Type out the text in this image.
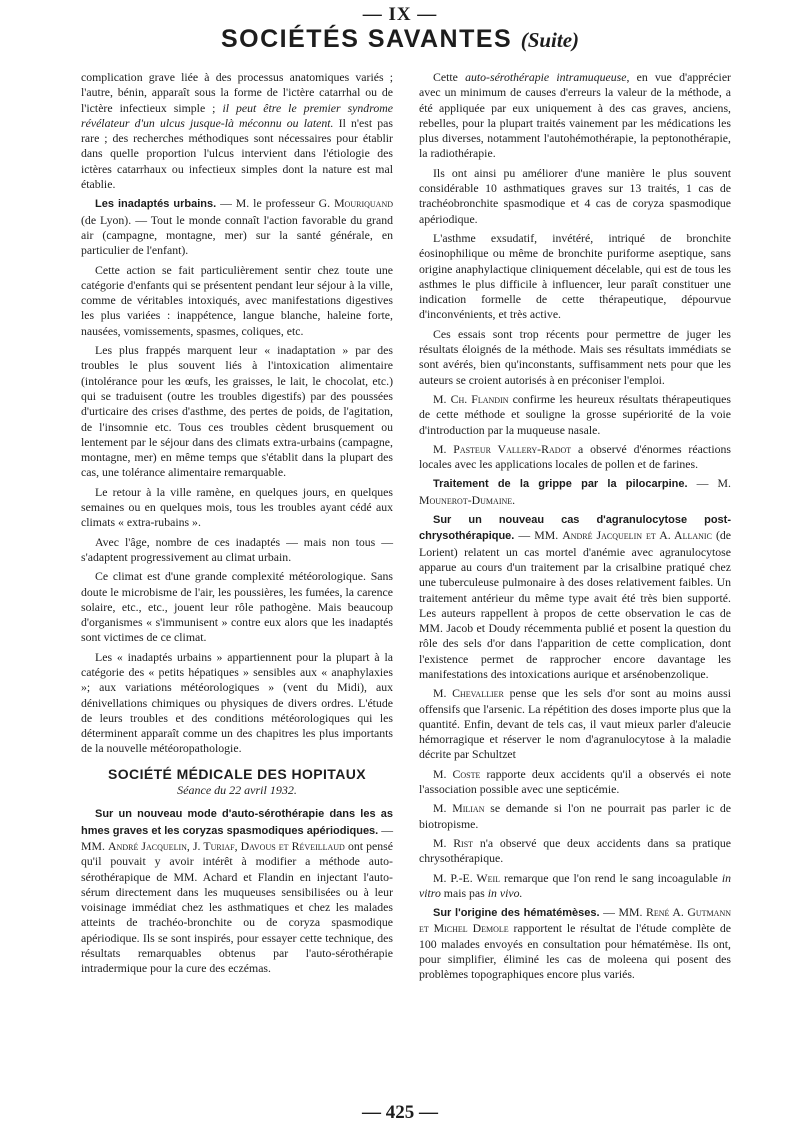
— IX —
SOCIÉTÉS SAVANTES (Suite)

complication grave liée à des processus anatomiques variés ; l'autre, bénin, apparaît sous la forme de l'ictère catarrhal ou de l'ictère infectieux simple ; il peut être le premier syndrome révélateur d'un ulcus jusque-là méconnu ou latent. Il n'est pas rare ; des recherches méthodiques sont nécessaires pour établir dans quelle proportion l'ulcus intervient dans l'étiologie des ictères catarrhaux ou infectieux simples dont la nature est mal établie.

Les inadaptés urbains. — M. le professeur G. Mouriquand (de Lyon). — Tout le monde connaît l'action favorable du grand air (campagne, montagne, mer) sur la santé générale, en particulier de l'enfant).

Cette action se fait particulièrement sentir chez toute une catégorie d'enfants qui se présentent pendant leur séjour à la ville, comme de véritables intoxiqués, avec manifestations digestives les plus variées : inappétence, langue blanche, haleine forte, nausées, vomissements, spasmes, coliques, etc.

Les plus frappés marquent leur « inadaptation » par des troubles le plus souvent liés à l'intoxication alimentaire (intolérance pour les œufs, les graisses, le lait, le chocolat, etc.) qui se traduisent (outre les troubles digestifs) par des poussées d'urticaire des crises d'asthme, des pertes de poids, de l'agitation, de l'insomnie etc. Tous ces troubles cèdent brusquement ou lentement par le séjour dans des climats extra-urbains (campagne, montagne, mer) en même temps que s'établit dans la plupart des cas, une tolérance alimentaire remarquable.

Le retour à la ville ramène, en quelques jours, en quelques semaines ou en quelques mois, tous les troubles ayant cédé aux climats « extra-rubains ».

Avec l'âge, nombre de ces inadaptés — mais non tous — s'adaptent progressivement au climat urbain.

Ce climat est d'une grande complexité météorologique. Sans doute le microbisme de l'air, les poussières, les fumées, la carence solaire, etc., etc., jouent leur rôle pathogène. Mais beaucoup d'organismes « s'immunisent » contre eux alors que les inadaptés sont victimes de ce climat.

Les « inadaptés urbains » appartiennent pour la plupart à la catégorie des « petits hépatiques » sensibles aux « anaphylaxies »; aux variations météorologiques » (vent du Midi), aux dénivellations chimiques ou physiques de divers ordres. L'étude de leurs troubles et des conditions météorologiques qui les déterminent apparaît comme un des chapitres les plus importants de la nouvelle météoropathologie.

SOCIÉTÉ MÉDICALE DES HOPITAUX

Séance du 22 avril 1932.

Sur un nouveau mode d'auto-sérothérapie dans les as hmes graves et les coryzas spasmodiques apériodiques. — MM. André Jacquelin, J. Turiaf, Davous et Réveillaud ont pensé qu'il pouvait y avoir intérêt à modifier a méthode auto-sérothérapique de MM. Achard et Flandin en injectant l'auto-sérum directement dans les muqueuses sensibilisées ou à leur voisinage immédiat chez les asthmatiques et chez les malades atteints de trachéo-bronchite ou de coryza spasmodique apériodique. Ils se sont inspirés, pour essayer cette technique, des résultats remarquables obtenus par l'auto-sérothérapie intradermique pour la cure des eczémas.

Cette auto-sérothérapie intramuqueuse, en vue d'apprécier avec un minimum de causes d'erreurs la valeur de la méthode, a été appliquée par eux uniquement à des cas graves, anciens, rebelles, pour la plupart traités vainement par les médications les plus diverses, notamment l'autohémothérapie, la peptonothérapie, la radiothérapie.

Ils ont ainsi pu améliorer d'une manière le plus souvent considérable 10 asthmatiques graves sur 13 traités, 1 cas de trachéobronchite spasmodique et 4 cas de coryza spasmodique apériodique.

L'asthme exsudatif, invétéré, intriqué de bronchite éosinophilique ou même de bronchite puriforme aseptique, sans origine anaphylactique cliniquement décelable, qui est de tous les asthmes le plus difficile à influencer, leur paraît constituer une indication formelle de cette thérapeutique, dépourvue d'inconvénients, et très active.

Ces essais sont trop récents pour permettre de juger les résultats éloignés de la méthode. Mais ses résultats immédiats se sont avérés, bien qu'inconstants, suffisamment nets pour que les auteurs se croient autorisés à en préconiser l'emploi.

M. Ch. Flandin confirme les heureux résultats thérapeutiques de cette méthode et souligne la grosse supériorité de la voie d'introduction par la muqueuse nasale.

M. Pasteur Vallery-Radot a observé d'énormes réactions locales avec les applications locales de pollen et de farines.

Traitement de la grippe par la pilocarpine. — M. Mounerot-Dumaine.

Sur un nouveau cas d'agranulocytose post-chrysothérapique. — MM. André Jacquelin et A. Allanic (de Lorient) relatent un cas mortel d'anémie avec agranulocytose apparue au cours d'un traitement par la crisalbine pratiqué chez une tuberculeuse pulmonaire à des doses relativement faibles. Un traitement antérieur du même type avait été très bien supporté. Les auteurs rappellent à propos de cette observation le cas de MM. Jacob et Doudy récemmenta publié et posent la question du rôle des sels d'or dans l'apparition de cette complication, dont l'existence permet de rapprocher encore davantage les manifestations des intoxications aurique et arsénobenzolique.

M. Chevallier pense que les sels d'or sont au moins aussi offensifs que l'arsenic. La répétition des doses importe plus que la quantité. Enfin, devant de tels cas, il vaut mieux parler d'aleucie hémorragique et réserver le nom d'agranulocytose à la maladie décrite par Schultzet

M. Coste rapporte deux accidents qu'il a observés ei note l'association possible avec une septicémie.

M. Milian se demande si l'on ne pourrait pas parler ic de biotropisme.

M. Rist n'a observé que deux accidents dans sa pratique chrysothérapique.

M. P.-E. Weil remarque que l'on rend le sang incoagulable in vitro mais pas in vivo.

Sur l'origine des hématémèses. — MM. René A. Gutmann et Michel Demole rapportent le résultat de l'étude complète de 100 malades envoyés en consultation pour hématémèse. Ils ont, pour simplifier, éliminé les cas de moleena qui posent des problèmes topographiques encore plus variés.

— 425 —
